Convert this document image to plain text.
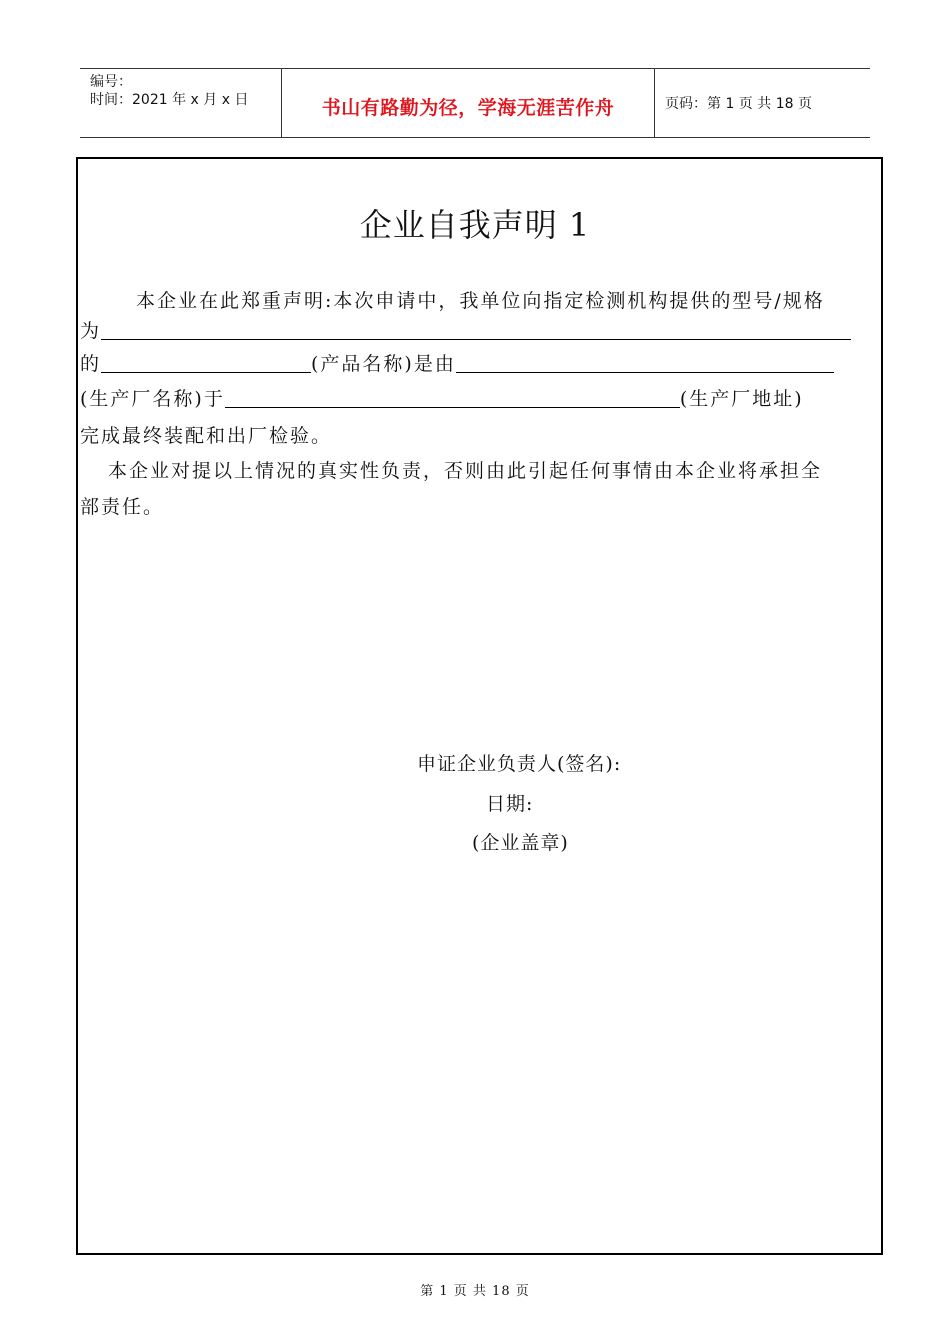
编号：
时间：2021 年 x 月 x 日	书山有路勤为径，学海无涯苦作舟	页码：第 1 页 共 18 页
企业自我声明 1
本企业在此郑重声明:本次申请中，我单位向指定检测机构提供的型号/规格
为
的	(产品名称)是由
(生产厂名称)于	(生产厂地址)
完成最终装配和出厂检验。
本企业对提以上情况的真实性负责，否则由此引起任何事情由本企业将承担全
部责任。
申证企业负责人(签名):
日期:
(企业盖章)
第 1 页 共 18 页
